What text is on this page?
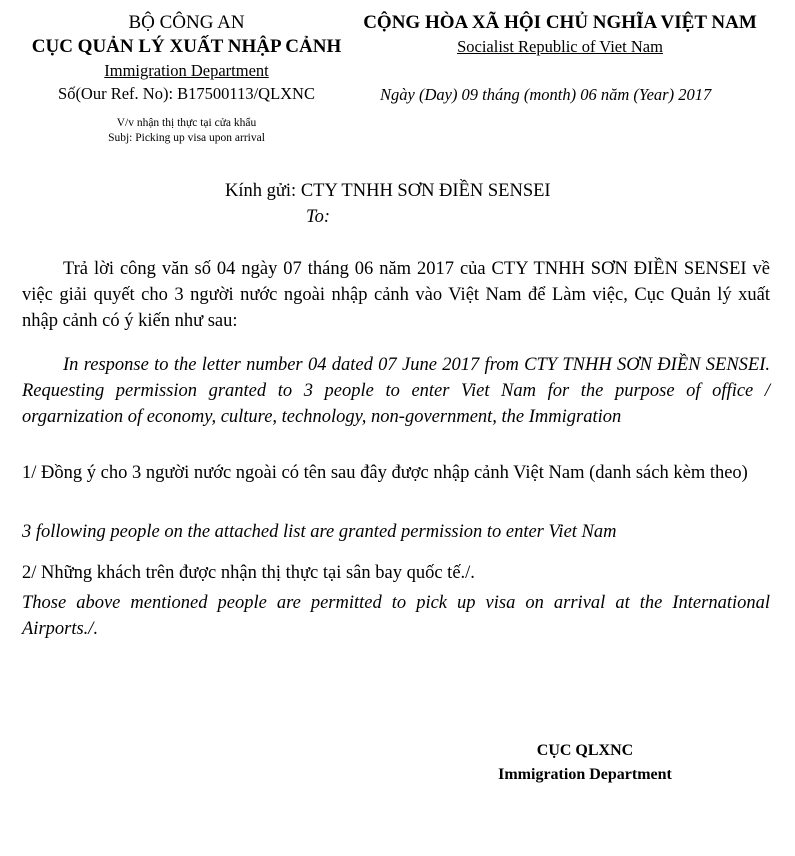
BỘ CÔNG AN
CỤC QUẢN LÝ XUẤT NHẬP CẢNH
Immigration Department
Số(Our Ref. No): B17500113/QLXNC
V/v nhận thị thực tại cửa khẩu
Subj: Picking up visa upon arrival
CỘNG HÒA XÃ HỘI CHỦ NGHĨA VIỆT NAM
Socialist Republic of Viet Nam
Ngày (Day) 09 tháng (month) 06 năm (Year) 2017
Kính gửi: CTY TNHH SƠN ĐIỀN SENSEI
To:
Trả lời công văn số 04 ngày 07 tháng 06 năm 2017 của CTY TNHH SƠN ĐIỀN SENSEI về việc giải quyết cho 3 người nước ngoài nhập cảnh vào Việt Nam để Làm việc, Cục Quản lý xuất nhập cảnh có ý kiến như sau:
In response to the letter number 04 dated 07 June 2017 from CTY TNHH SƠN ĐIỀN SENSEI. Requesting permission granted to 3 people to enter Viet Nam for the purpose of office / orgarnization of economy, culture, technology, non-government, the Immigration
1/ Đồng ý cho 3 người nước ngoài có tên sau đây được nhập cảnh Việt Nam (danh sách kèm theo)
3 following people on the attached list are granted permission to enter Viet Nam
2/ Những khách trên được nhận thị thực tại sân bay quốc tế./.
Those above mentioned people are permitted to pick up visa on arrival at the International Airports./.
CỤC QLXNC
Immigration Department
